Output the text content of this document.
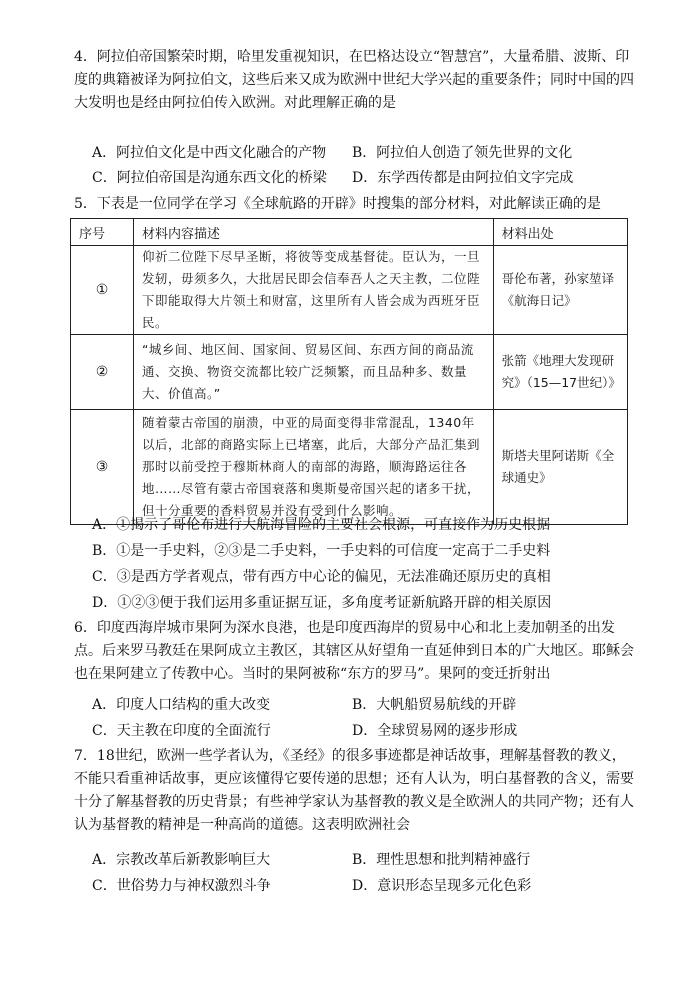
4．阿拉伯帝国繁荣时期，哈里发重视知识，在巴格达设立“智慧宫”，大量希腊、波斯、印度的典籍被译为阿拉伯文，这些后来又成为欧洲中世纪大学兴起的重要条件；同时中国的四大发明也是经由阿拉伯传入欧洲。对此理解正确的是

A．阿拉伯文化是中西文化融合的产物 B．阿拉伯人创造了领先世界的文化
C．阿拉伯帝国是沟通东西文化的桥梁 D．东学西传都是由阿拉伯文字完成

5．下表是一位同学在学习《全球航路的开辟》时搜集的部分材料，对此解读正确的是

序号	材料内容描述	材料出处
①	仰祈二位陛下尽早圣断，将彼等变成基督徒。臣认为，一旦发轫，毋须多久，大批居民即会信奉吾人之天主教，二位陛下即能取得大片领土和财富，这里所有人皆会成为西班牙臣民。	哥伦布著，孙家堃译《航海日记》
②	“城乡间、地区间、国家间、贸易区间、东西方间的商品流通、交换、物资交流都比较广泛频繁，而且品种多、数量大、价值高。”	张箭《地理大发现研究》（15—17世纪）》
③	随着蒙古帝国的崩溃，中亚的局面变得非常混乱，1340年以后，北部的商路实际上已堵塞，此后，大部分产品汇集到那时以前受控于穆斯林商人的南部的海路，顺海路运往各地……尽管有蒙古帝国衰落和奥斯曼帝国兴起的诸多干扰，但十分重要的香料贸易并没有受到什么影响。	斯塔夫里阿诺斯《全球通史》
A．①揭示了哥伦布进行大航海冒险的主要社会根源，可直接作为历史根据
B．①是一手史料，②③是二手史料，一手史料的可信度一定高于二手史料
C．③是西方学者观点，带有西方中心论的偏见，无法准确还原历史的真相
D．①②③便于我们运用多重证据互证，多角度考证新航路开辟的相关原因

6．印度西海岸城市果阿为深水良港，也是印度西海岸的贸易中心和北上麦加朝圣的出发点。后来罗马教廷在果阿成立主教区，其辖区从好望角一直延伸到日本的广大地区。耶稣会也在果阿建立了传教中心。当时的果阿被称“东方的罗马”。果阿的变迁折射出

A．印度人口结构的重大改变	B．大帆船贸易航线的开辟
C．天主教在印度的全面流行	D．全球贸易网的逐步形成

7．18世纪，欧洲一些学者认为，《圣经》的很多事迹都是神话故事，理解基督教的教义，不能只看重神话故事，更应该懂得它要传递的思想；还有人认为，明白基督教的含义，需要十分了解基督教的历史背景；有些神学家认为基督教的教义是全欧洲人的共同产物；还有人认为基督教的精神是一种高尚的道德。这表明欧洲社会

A．宗教改革后新教影响巨大	B．理性思想和批判精神盛行
C．世俗势力与神权激烈斗争	D．意识形态呈现多元化色彩
